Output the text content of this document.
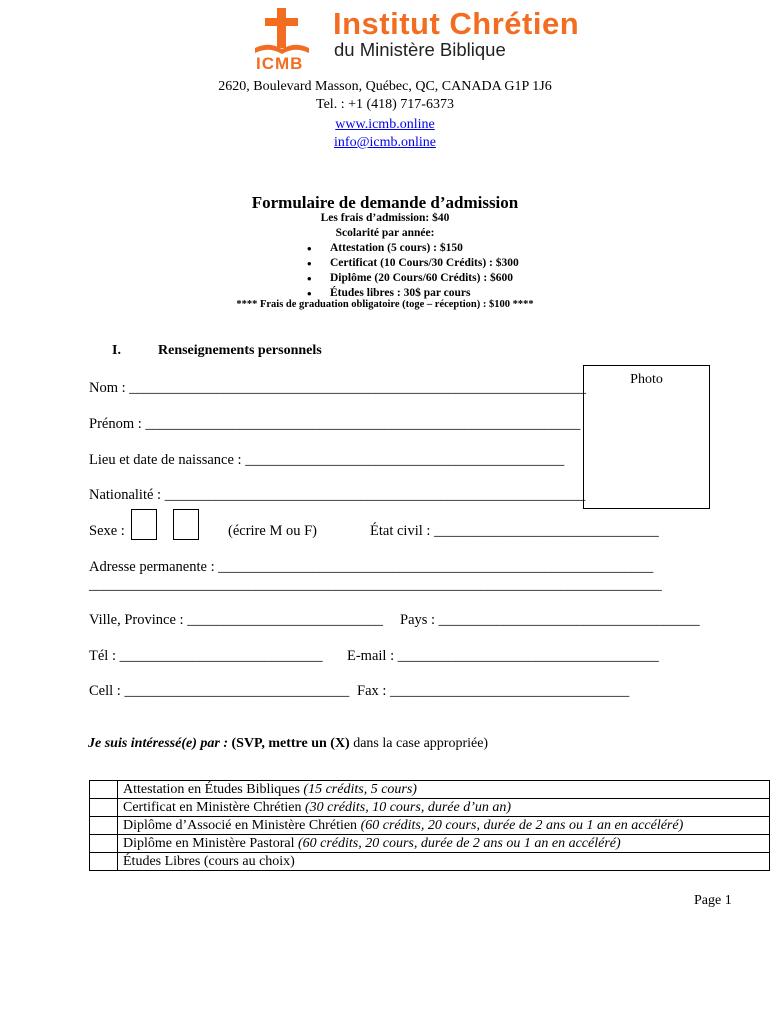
Institut Chrétien
du Ministère Biblique
ICMB
2620, Boulevard Masson, Québec, QC, CANADA G1P 1J6
Tel. : +1 (418) 717-6373
www.icmb.online
info@icmb.online
Formulaire de demande d’admission
Les frais d’admission: $40
Scolarité par année:
• Attestation (5 cours) : $150
• Certificat (10 Cours/30 Crédits) : $300
• Diplôme (20 Cours/60 Crédits) : $600
• Études libres : 30$ par cours
**** Frais de graduation obligatoire (toge – réception) : $100 ****
I.	Renseignements personnels
Photo
Nom : _______________________________________________________________
Prénom : ____________________________________________________________
Lieu et date de naissance : ____________________________________________
Nationalité : __________________________________________________________
Sexe :	(écrire M ou F)	État civil : _______________________________
Adresse permanente : ____________________________________________________________
_______________________________________________________________________________
Ville, Province : ___________________________ Pays : ____________________________________
Tél : ____________________________ E-mail : ____________________________________
Cell : _______________________________ Fax : _________________________________
Je suis intéressé(e) par : (SVP, mettre un (X) dans la case appropriée)
	Attestation en Études Bibliques (15 crédits, 5 cours)
	Certificat en Ministère Chrétien (30 crédits, 10 cours, durée d’un an)
	Diplôme d’Associé en Ministère Chrétien (60 crédits, 20 cours, durée de 2 ans ou 1 an en accéléré)
	Diplôme en Ministère Pastoral (60 crédits, 20 cours, durée de 2 ans ou 1 an en accéléré)
	Études Libres (cours au choix)
Page 1
